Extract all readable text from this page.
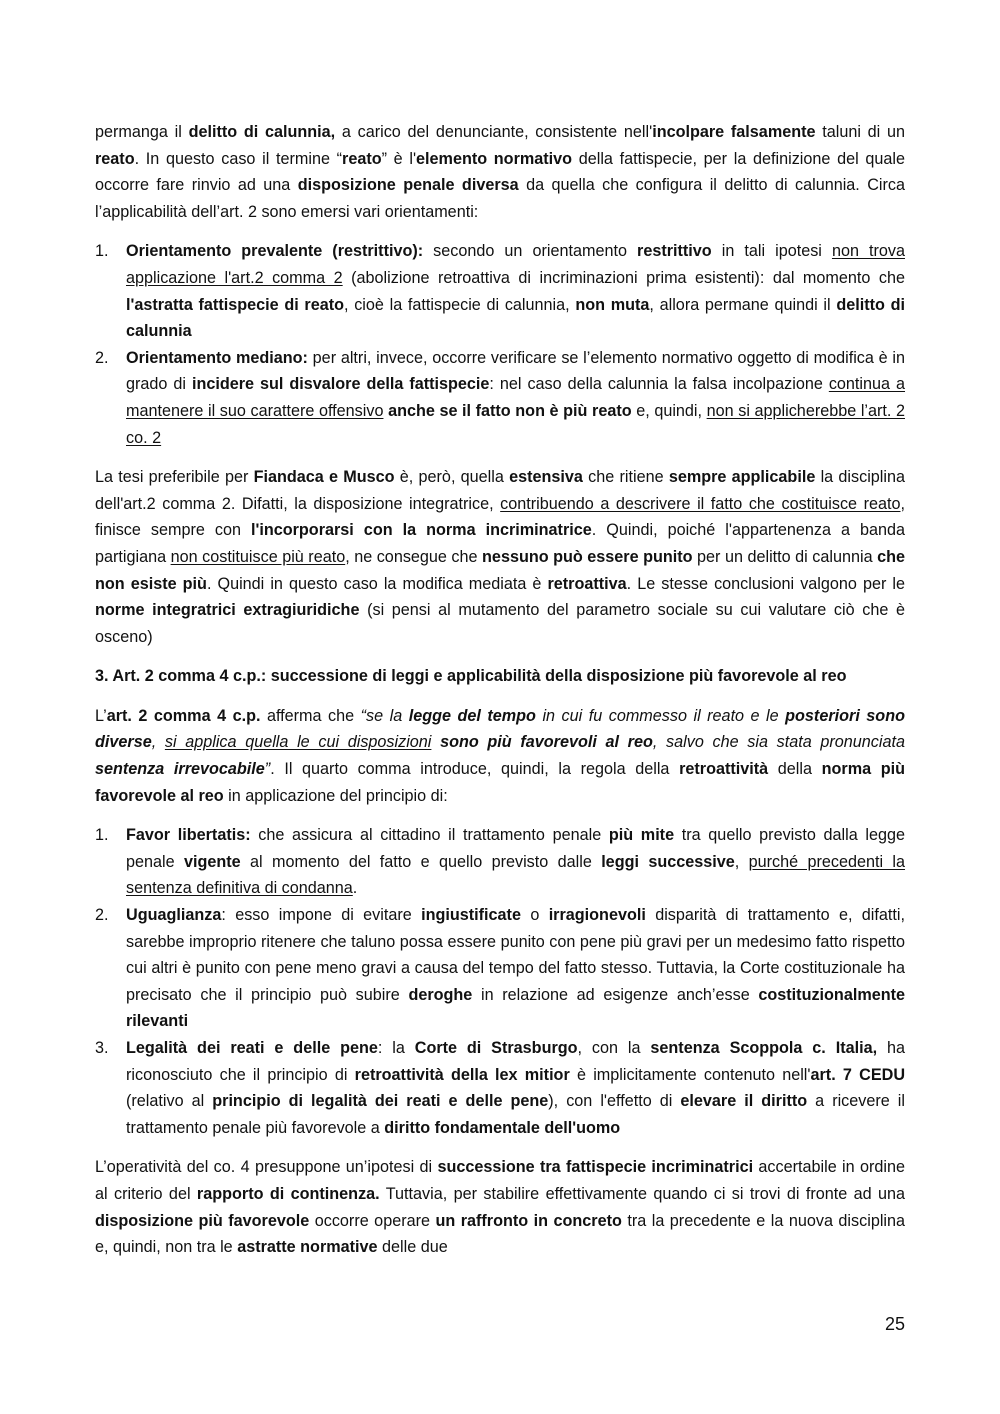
permanga il delitto di calunnia, a carico del denunciante, consistente nell'incolpare falsamente taluni di un reato. In questo caso il termine “reato” è l'elemento normativo della fattispecie, per la definizione del quale occorre fare rinvio ad una disposizione penale diversa da quella che configura il delitto di calunnia. Circa l’applicabilità dell’art. 2 sono emersi vari orientamenti:

1. Orientamento prevalente (restrittivo): secondo un orientamento restrittivo in tali ipotesi non trova applicazione l'art.2 comma 2 (abolizione retroattiva di incriminazioni prima esistenti): dal momento che l'astratta fattispecie di reato, cioè la fattispecie di calunnia, non muta, allora permane quindi il delitto di calunnia
2. Orientamento mediano: per altri, invece, occorre verificare se l’elemento normativo oggetto di modifica è in grado di incidere sul disvalore della fattispecie: nel caso della calunnia la falsa incolpazione continua a mantenere il suo carattere offensivo anche se il fatto non è più reato e, quindi, non si applicherebbe l’art. 2 co. 2

La tesi preferibile per Fiandaca e Musco è, però, quella estensiva che ritiene sempre applicabile la disciplina dell'art.2 comma 2. Difatti, la disposizione integratrice, contribuendo a descrivere il fatto che costituisce reato, finisce sempre con l'incorporarsi con la norma incriminatrice. Quindi, poiché l'appartenenza a banda partigiana non costituisce più reato, ne consegue che nessuno può essere punito per un delitto di calunnia che non esiste più. Quindi in questo caso la modifica mediata è retroattiva. Le stesse conclusioni valgono per le norme integratrici extragiuridiche (si pensi al mutamento del parametro sociale su cui valutare ciò che è osceno)

3. Art. 2 comma 4 c.p.: successione di leggi e applicabilità della disposizione più favorevole al reo

L’art. 2 comma 4 c.p. afferma che “se la legge del tempo in cui fu commesso il reato e le posteriori sono diverse, si applica quella le cui disposizioni sono più favorevoli al reo, salvo che sia stata pronunciata sentenza irrevocabile”. Il quarto comma introduce, quindi, la regola della retroattività della norma più favorevole al reo in applicazione del principio di:

1. Favor libertatis: che assicura al cittadino il trattamento penale più mite tra quello previsto dalla legge penale vigente al momento del fatto e quello previsto dalle leggi successive, purché precedenti la sentenza definitiva di condanna.
2. Uguaglianza: esso impone di evitare ingiustificate o irragionevoli disparità di trattamento e, difatti, sarebbe improprio ritenere che taluno possa essere punito con pene più gravi per un medesimo fatto rispetto cui altri è punito con pene meno gravi a causa del tempo del fatto stesso. Tuttavia, la Corte costituzionale ha precisato che il principio può subire deroghe in relazione ad esigenze anch’esse costituzionalmente rilevanti
3. Legalità dei reati e delle pene: la Corte di Strasburgo, con la sentenza Scoppola c. Italia, ha riconosciuto che il principio di retroattività della lex mitior è implicitamente contenuto nell'art. 7 CEDU (relativo al principio di legalità dei reati e delle pene), con l'effetto di elevare il diritto a ricevere il trattamento penale più favorevole a diritto fondamentale dell'uomo

L’operatività del co. 4 presuppone un’ipotesi di successione tra fattispecie incriminatrici accertabile in ordine al criterio del rapporto di continenza. Tuttavia, per stabilire effettivamente quando ci si trovi di fronte ad una disposizione più favorevole occorre operare un raffronto in concreto tra la precedente e la nuova disciplina e, quindi, non tra le astratte normative delle due

25
